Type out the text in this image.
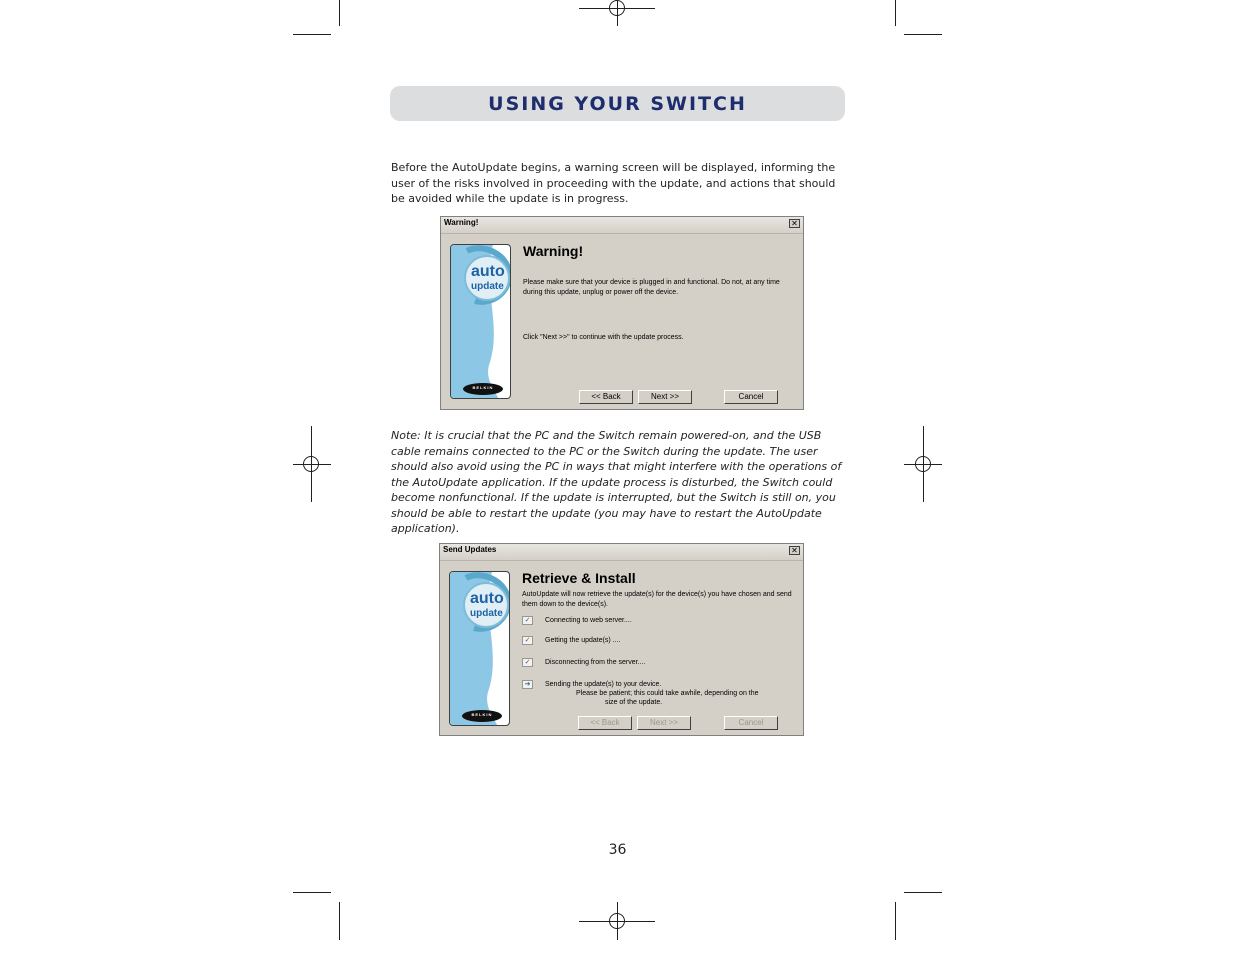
USING YOUR SWITCH
Before the AutoUpdate begins, a warning screen will be displayed, informing the user of the risks involved in proceeding with the update, and actions that should be avoided while the update is in progress.
Warning!	✕
auto
update
BELKIN
Warning!
Please make sure that your device is plugged in and functional. Do not, at any time during this update, unplug or power off the device.
Click "Next >>" to continue with the update process.
<< Back	Next >>	Cancel
Note: It is crucial that the PC and the Switch remain powered-on, and the USB cable remains connected to the PC or the Switch during the update. The user should also avoid using the PC in ways that might interfere with the operations of the AutoUpdate application. If the update process is disturbed, the Switch could become nonfunctional. If the update is interrupted, but the Switch is still on, you should be able to restart the update (you may have to restart the AutoUpdate application).
Send Updates	✕
auto
update
BELKIN
Retrieve & Install
AutoUpdate will now retrieve the update(s) for the device(s) you have chosen and send them down to the device(s).
✓	Connecting to web server....
✓	Getting the update(s) ....
✓	Disconnecting from the server....
➔	Sending the update(s) to your device.
Please be patient; this could take awhile, depending on the
size of the update.
<< Back	Next >>	Cancel
36
